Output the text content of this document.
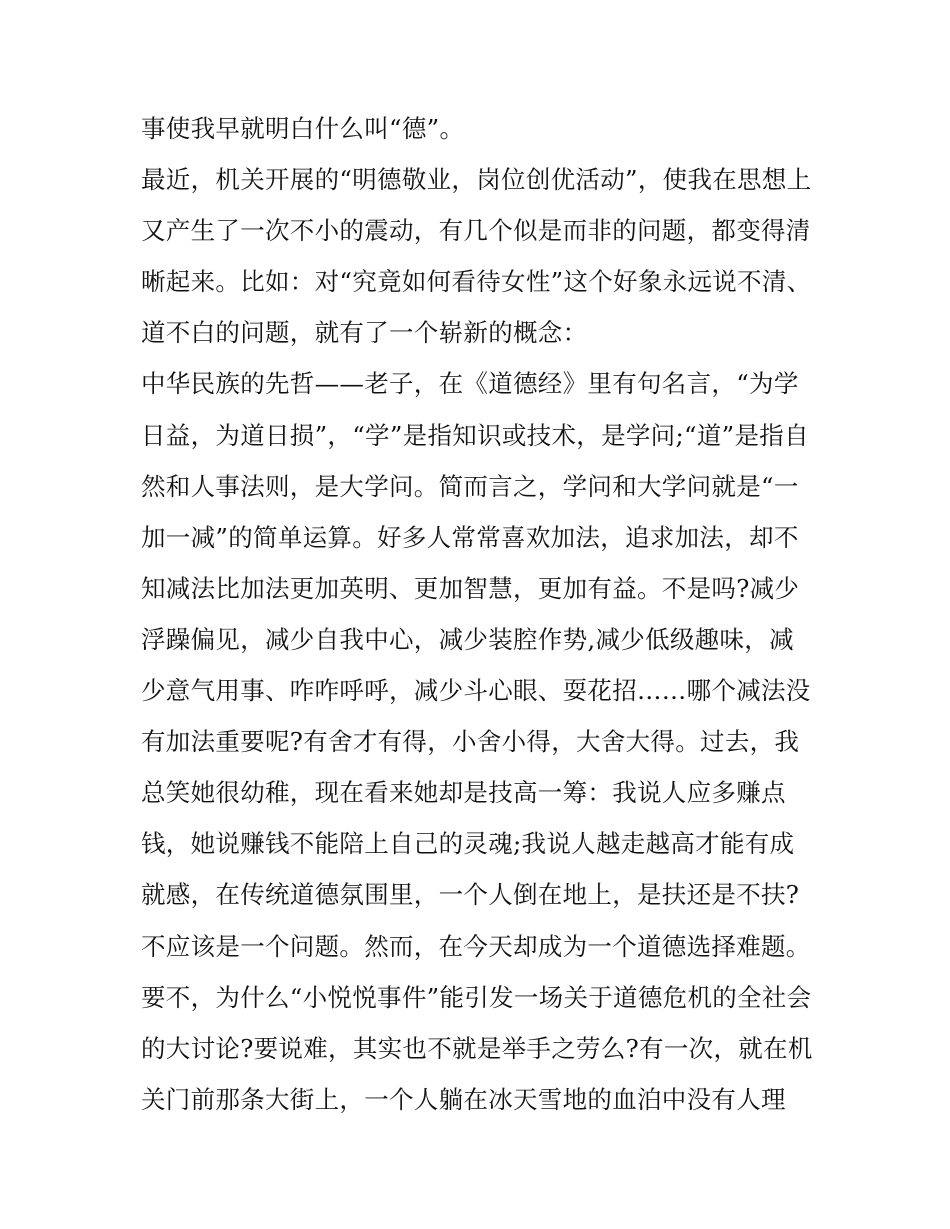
事使我早就明白什么叫“德”。
最近，机关开展的“明德敬业，岗位创优活动”，使我在思想上
又产生了一次不小的震动，有几个似是而非的问题，都变得清
晰起来。比如：对“究竟如何看待女性”这个好象永远说不清、
道不白的问题，就有了一个崭新的概念：
中华民族的先哲——老子，在《道德经》里有句名言，“为学
日益，为道日损”，“学”是指知识或技术，是学问;“道”是指自
然和人事法则，是大学问。简而言之，学问和大学问就是“一
加一减”的简单运算。好多人常常喜欢加法，追求加法，却不
知减法比加法更加英明、更加智慧，更加有益。不是吗?减少
浮躁偏见，减少自我中心，减少装腔作势,减少低级趣味，减
少意气用事、咋咋呼呼，减少斗心眼、耍花招……哪个减法没
有加法重要呢?有舍才有得，小舍小得，大舍大得。过去，我
总笑她很幼稚，现在看来她却是技高一筹：我说人应多赚点
钱，她说赚钱不能陪上自己的灵魂;我说人越走越高才能有成
就感，在传统道德氛围里，一个人倒在地上，是扶还是不扶?
不应该是一个问题。然而，在今天却成为一个道德选择难题。
要不，为什么“小悦悦事件”能引发一场关于道德危机的全社会
的大讨论?要说难，其实也不就是举手之劳么?有一次，就在机
关门前那条大街上，一个人躺在冰天雪地的血泊中没有人理
